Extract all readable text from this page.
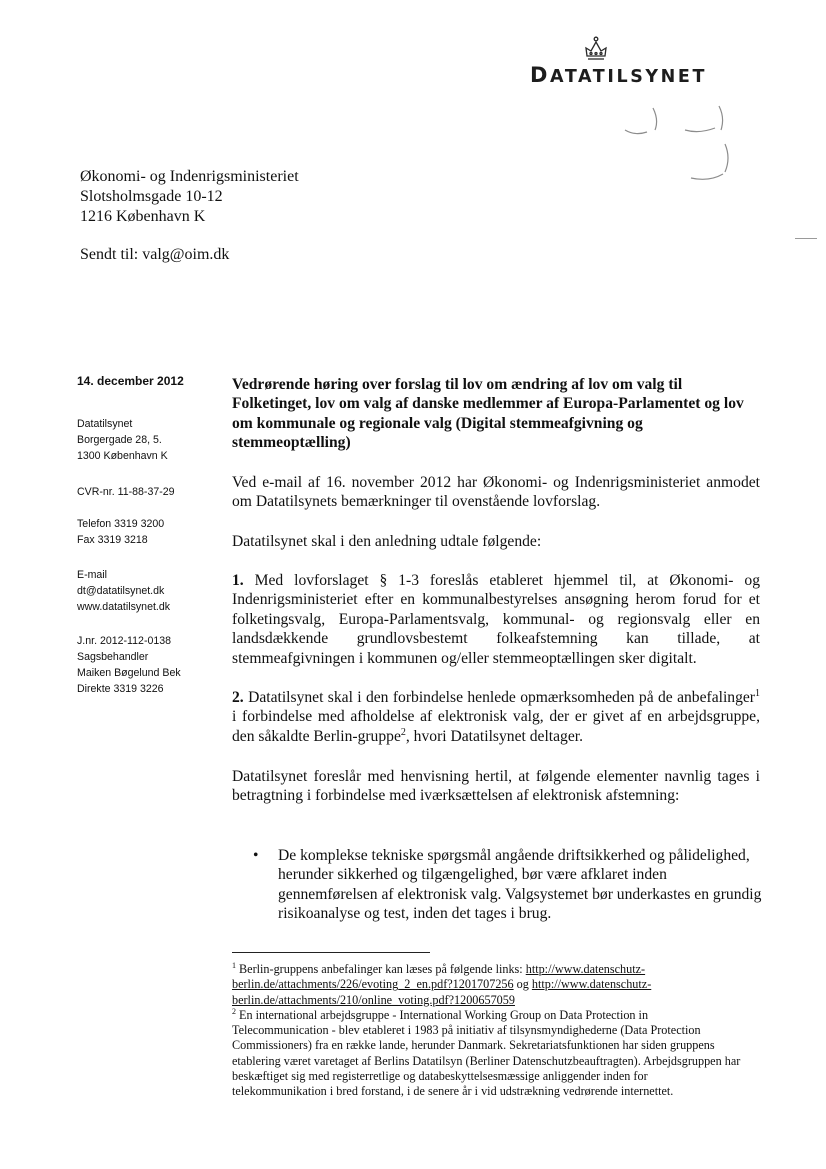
DATATILSYNET
Økonomi- og Indenrigsministeriet
Slotsholmsgade 10-12
1216 København K
Sendt til: valg@oim.dk
14. december 2012
Datatilsynet
Borgergade 28, 5.
1300 København K
CVR-nr. 11-88-37-29
Telefon 3319 3200
Fax 3319 3218
E-mail
dt@datatilsynet.dk
www.datatilsynet.dk
J.nr. 2012-112-0138
Sagsbehandler
Maiken Bøgelund Bek
Direkte 3319 3226
Vedrørende høring over forslag til lov om ændring af lov om valg til Folketinget, lov om valg af danske medlemmer af Europa-Parlamentet og lov om kommunale og regionale valg (Digital stemmeafgivning og stemmeoptælling)

Ved e-mail af 16. november 2012 har Økonomi- og Indenrigsministeriet anmodet om Datatilsynets bemærkninger til ovenstående lovforslag.

Datatilsynet skal i den anledning udtale følgende:

1. Med lovforslaget § 1-3 foreslås etableret hjemmel til, at Økonomi- og Indenrigsministeriet efter en kommunalbestyrelses ansøgning herom forud for et folketingsvalg, Europa-Parlamentsvalg, kommunal- og regionsvalg eller en landsdækkende grundlovsbestemt folkeafstemning kan tillade, at stemmeafgivningen i kommunen og/eller stemmeoptællingen sker digitalt.

2. Datatilsynet skal i den forbindelse henlede opmærksomheden på de anbefalinger$^1$ i forbindelse med afholdelse af elektronisk valg, der er givet af en arbejdsgruppe, den såkaldte Berlin-gruppe$^2$, hvori Datatilsynet deltager.

Datatilsynet foreslår med henvisning hertil, at følgende elementer navnlig tages i betragtning i forbindelse med iværksættelsen af elektronisk afstemning:

• De komplekse tekniske spørgsmål angående driftsikkerhed og pålidelighed, herunder sikkerhed og tilgængelighed, bør være afklaret inden gennemførelsen af elektronisk valg. Valgsystemet bør underkastes en grundig risikoanalyse og test, inden det tages i brug.
$^1$ Berlin-gruppens anbefalinger kan læses på følgende links: http://www.datenschutz-berlin.de/attachments/226/evoting_2_en.pdf?1201707256 og http://www.datenschutz-berlin.de/attachments/210/online_voting.pdf?1200657059
$^2$ En international arbejdsgruppe - International Working Group on Data Protection in Telecommunication - blev etableret i 1983 på initiativ af tilsynsmyndighederne (Data Protection Commissioners) fra en række lande, herunder Danmark. Sekretariatsfunktionen har siden gruppens etablering været varetaget af Berlins Datatilsyn (Berliner Datenschutzbeauftragten). Arbejdsgruppen har beskæftiget sig med registerretlige og databeskyttelsesmæssige anliggender inden for telekommunikation i bred forstand, i de senere år i vid udstrækning vedrørende internettet.
